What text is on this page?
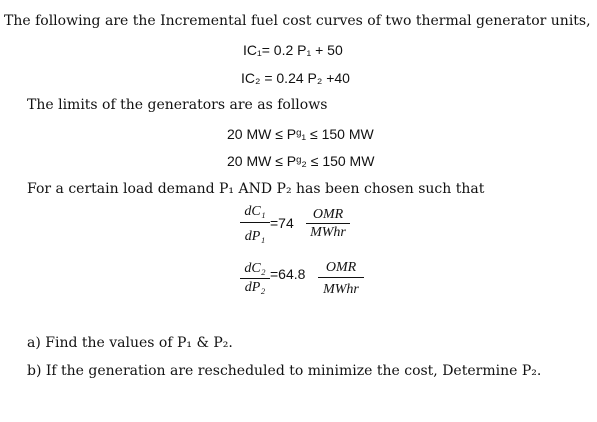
The following are the Incremental fuel cost curves of two thermal generator units,
IC₁= 0.2 P₁ + 50
IC₂ = 0.24 P₂ +40
The limits of the generators are as follows
20 MW ≤ Pᵍ₁ ≤ 150 MW
20 MW ≤ Pᵍ₂ ≤ 150 MW
For a certain load demand P₁ AND P₂ has been chosen such that
dC₁
dP₁
=74
OMR
MWhr
dC₂
dP₂
=64.8	OMR
MWhr
a) Find the values of P₁ & P₂.
b) If the generation are rescheduled to minimize the cost, Determine P₂.
